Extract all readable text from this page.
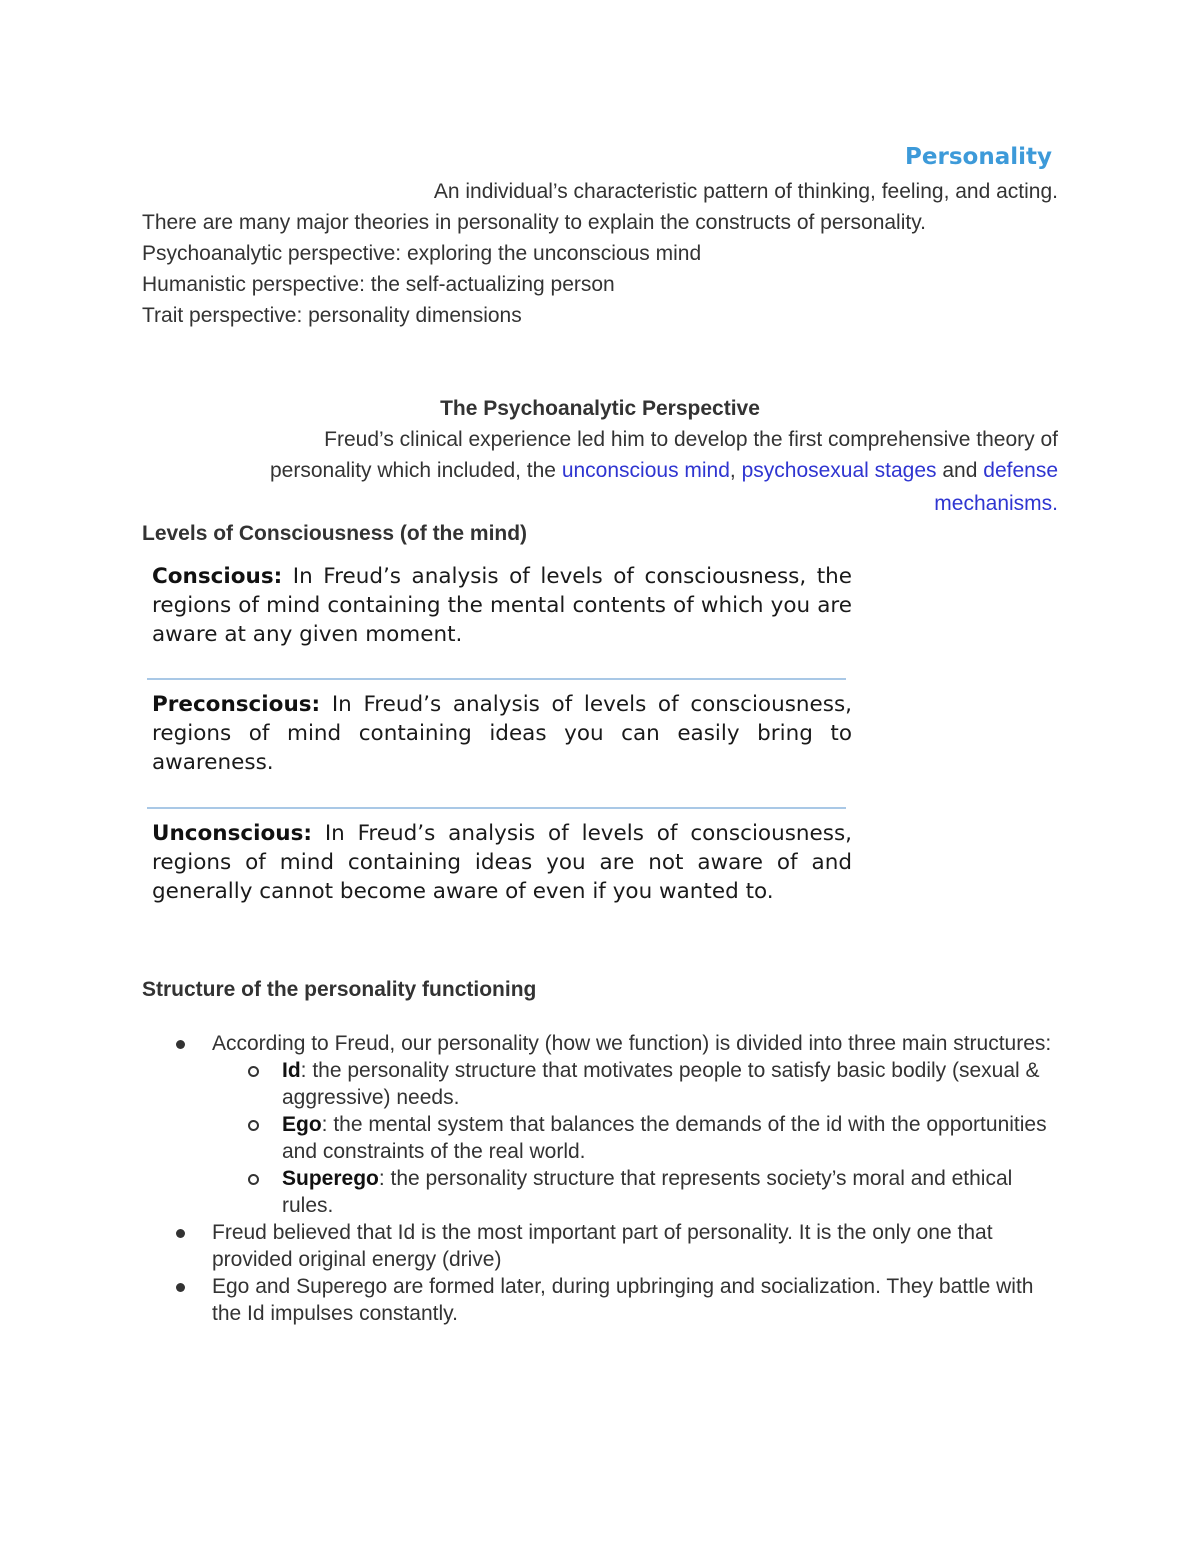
Personality
An individual’s characteristic pattern of thinking, feeling, and acting.
There are many major theories in personality to explain the constructs of personality.
Psychoanalytic perspective: exploring the unconscious mind
Humanistic perspective: the self-actualizing person
Trait perspective: personality dimensions
The Psychoanalytic Perspective
Freud’s clinical experience led him to develop the first comprehensive theory of
personality which included, the unconscious mind, psychosexual stages and defense
mechanisms.
Levels of Consciousness (of the mind)
Conscious: In Freud’s analysis of levels of consciousness, the regions of mind containing the mental contents of which you are aware at any given moment.
Preconscious: In Freud’s analysis of levels of consciousness, regions of mind containing ideas you can easily bring to awareness.
Unconscious: In Freud’s analysis of levels of consciousness, regions of mind containing ideas you are not aware of and generally cannot become aware of even if you wanted to.
Structure of the personality functioning
According to Freud, our personality (how we function) is divided into three main structures:
Id: the personality structure that motivates people to satisfy basic bodily (sexual & aggressive) needs.
Ego: the mental system that balances the demands of the id with the opportunities and constraints of the real world.
Superego: the personality structure that represents society’s moral and ethical rules.
Freud believed that Id is the most important part of personality. It is the only one that provided original energy (drive)
Ego and Superego are formed later, during upbringing and socialization. They battle with the Id impulses constantly.
